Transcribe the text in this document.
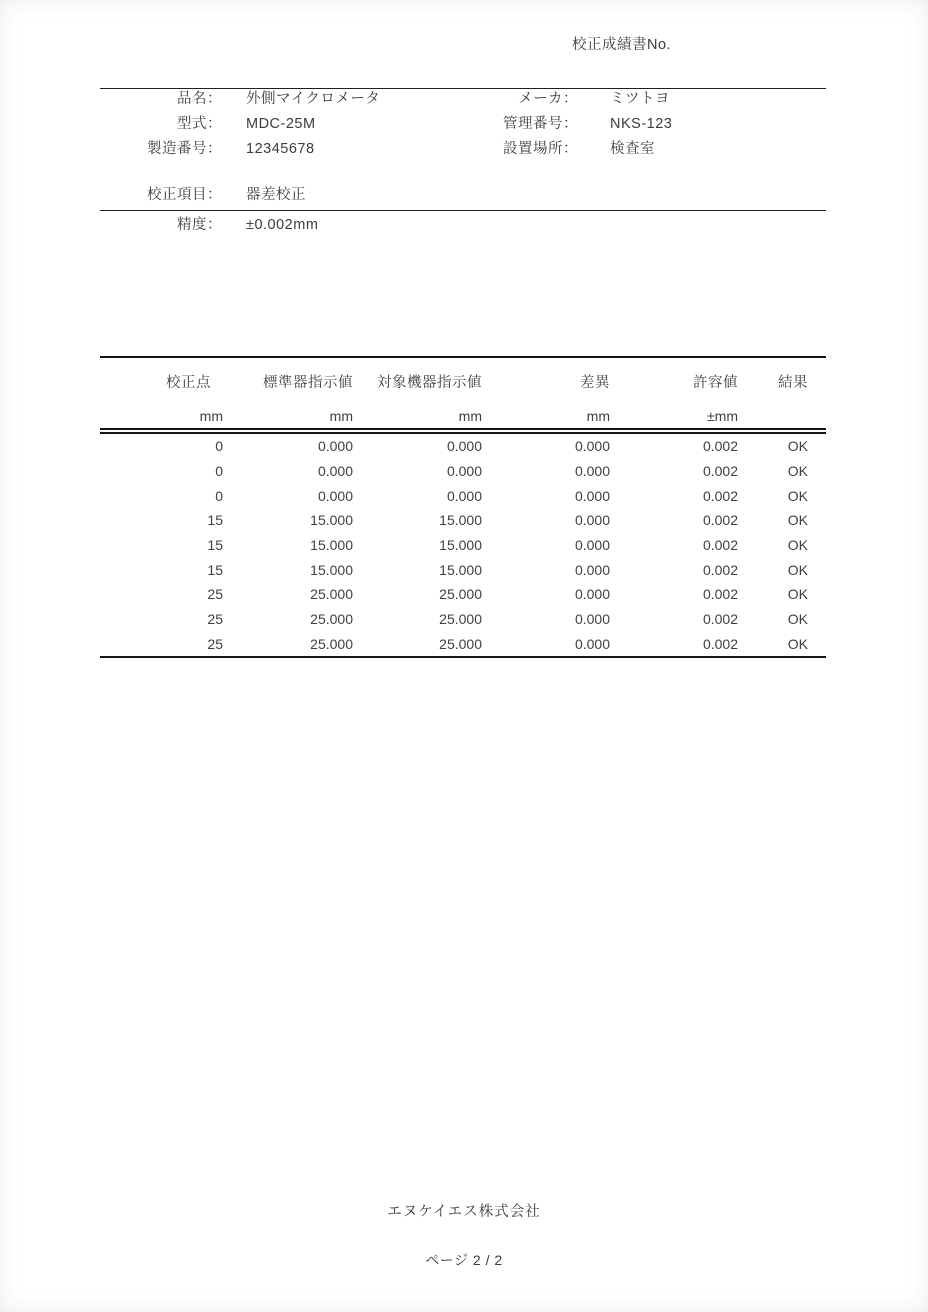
校正成績書No.
品名：	外側マイクロメータ	メーカ：	ミツトヨ
型式：	MDC-25M	管理番号：	NKS-123
製造番号：	12345678	設置場所：	検査室
校正項目：	器差校正
精度：	±0.002mm
校正点	標準器指示値	対象機器指示値	差異	許容値	結果
mm	mm	mm	mm	±mm	
0	0.000	0.000	0.000	0.002	OK
0	0.000	0.000	0.000	0.002	OK
0	0.000	0.000	0.000	0.002	OK
15	15.000	15.000	0.000	0.002	OK
15	15.000	15.000	0.000	0.002	OK
15	15.000	15.000	0.000	0.002	OK
25	25.000	25.000	0.000	0.002	OK
25	25.000	25.000	0.000	0.002	OK
25	25.000	25.000	0.000	0.002	OK
エヌケイエス株式会社
ページ 2 / 2
